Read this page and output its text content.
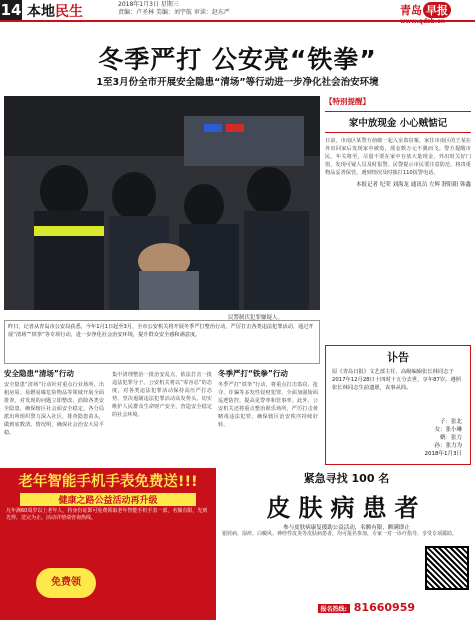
14 本地民生	2018年1月3日 星期三
责编：卢圣林 美编：刘宇航 审读：赵东严	青岛 早报
www.qdzb.cn
冬季严打 公安亮“铁拳”
1至3月份全市开展安全隐患“清场”等行动进一步净化社会治安环境
民警制伏犯罪嫌疑人。
【特别提醒】
家中放现金 小心贼惦记
日前，市南区某警方侦破一起入室盗窃案，家住市南区的王某在外出回家后发现家中被盗，现金数万元不翼而飞。警方提醒市民，年关将至，尽量不要在家中存放大量现金，外出时关好门窗，发现可疑人员及时报警。民警提示市民要注意防范，将贵重物品妥善保管，遇到情况及时拨打110报警电话。
本报记者 纪荣 刘海龙 通讯员 左辉 舒阳阳 韩鑫
昨日，记者从青岛市公安局获悉，今年1月1日起至3月，全市公安机关将开展冬季严打整治行动，严厉打击各类违法犯罪活动，通过开展“清场”“铁拳”等专项行动，进一步净化社会治安环境，提升群众安全感和满意度。
安全隐患“清场”行动
安全隐患“清场”行动针对重点行业场所、出租房屋、易燃易爆危险物品等领域开展全面排查，对发现的问题立即整改，消除各类安全隐患，确保辖区社会面安全稳定。各分局派出所组织警力深入社区，排查隐患苗头，做到底数清、情况明，确保社会治安大局平稳。
集中清理整治一批治安乱点，依法打击一批违法犯罪分子。公安机关将以“零容忍”的态度，对各类违法犯罪活动保持高压严打态势，坚决遏制违法犯罪活动高发势头，切实维护人民群众生命财产安全，营造安全稳定的社会环境。
冬季严打“铁拳”行动
冬季严打“铁拳”行动，将重点打击盗窃、抢夺、诈骗等多发性侵财犯罪，全面加强街面巡逻防控，提高见警率和管事率。此外，公安机关还将重点整治娱乐场所，严厉打击黄赌毒违法犯罪，确保辖区治安秩序持续好转。
讣告
原《青岛日报》文艺部主任、高级编辑张长林同志于2017年12月28日十四时十五分去世，享年87岁。遵照张长林同志生前遗愿，丧事从简。
子：张北
女：张小琳
婿：张力
孙：张力为
2018年1月3日
老年智能手机手表免费送!!!
健康之路公益活动再升级
凡年满60周岁以上老年人，持身份证即可免费领取老年智能手机手表一部，名额有限，先到先得，送完为止。活动详情请咨询热线。
免费领
紧急寻找 100 名
皮肤病患者
参与皮肤病康复援助公益活动，名额有限，额满即止
银屑病、湿疹、白癜风、神经性皮炎等皮肤病患者，均可报名参加，专家一对一诊疗指导，享受专项援助。
报名热线: 81660959
